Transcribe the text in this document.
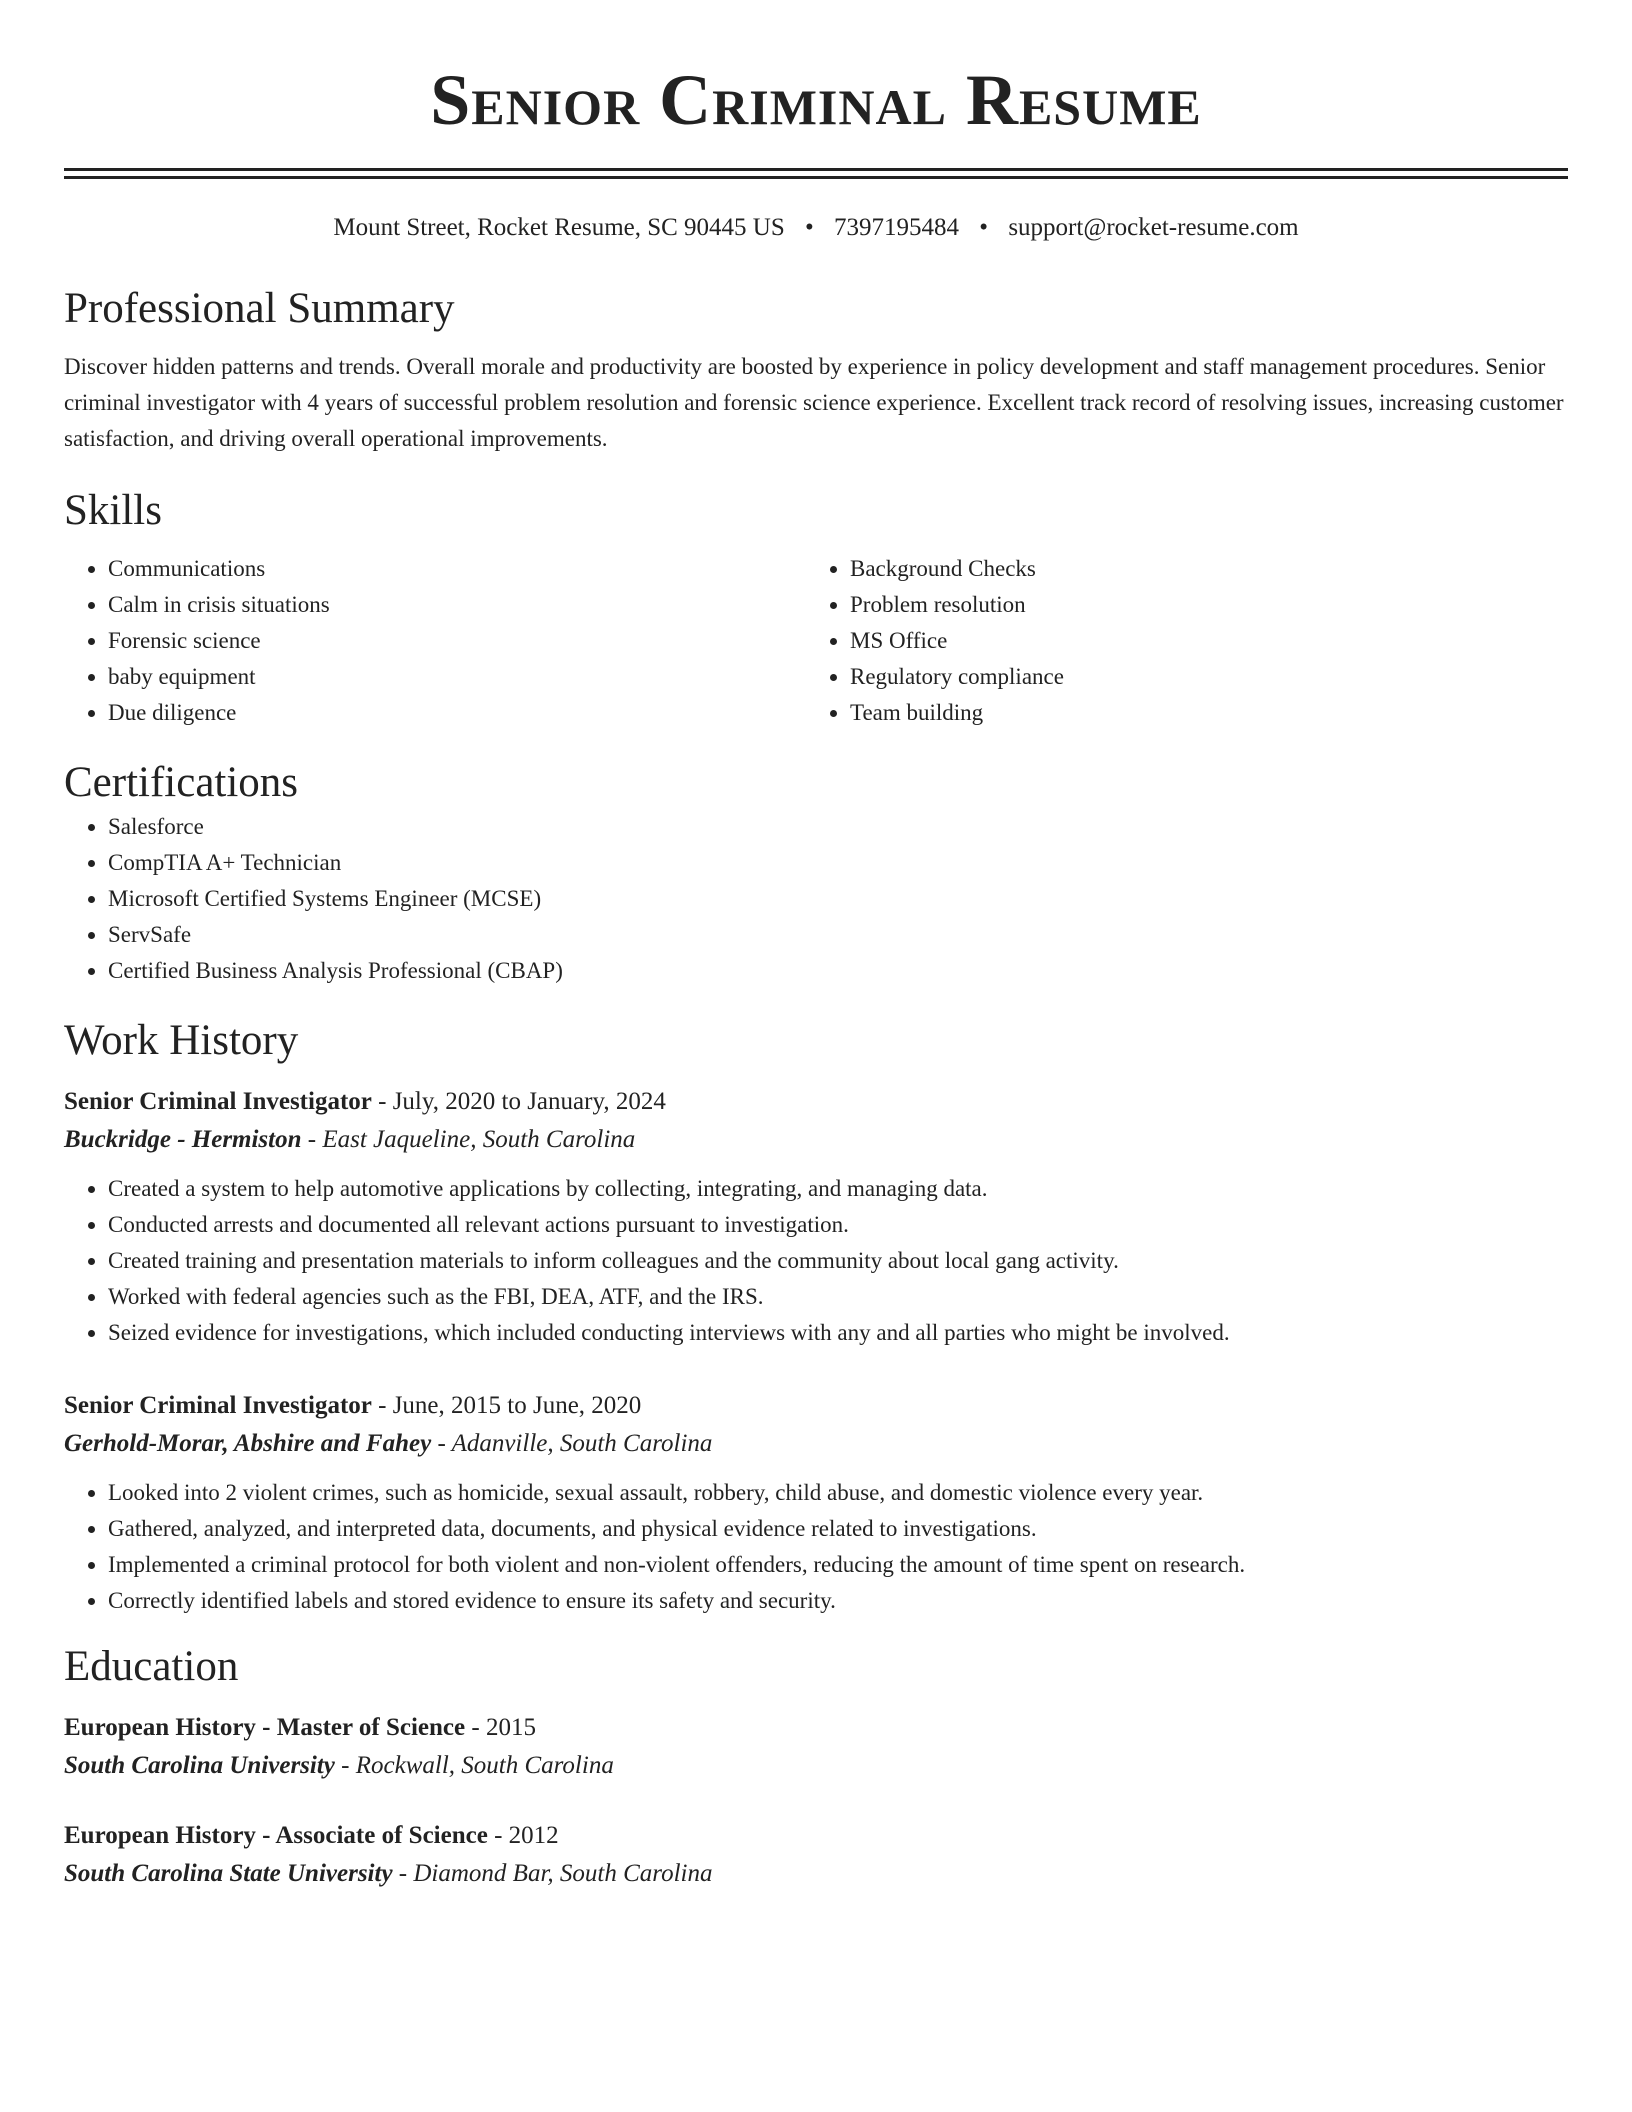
Senior Criminal Resume
Mount Street, Rocket Resume, SC 90445 US • 7397195484 • support@rocket-resume.com
Professional Summary

Discover hidden patterns and trends. Overall morale and productivity are boosted by experience in policy development and staff management procedures. Senior criminal investigator with 4 years of successful problem resolution and forensic science experience. Excellent track record of resolving issues, increasing customer satisfaction, and driving overall operational improvements.

Skills
• Communications
• Calm in crisis situations
• Forensic science
• baby equipment
• Due diligence
• Background Checks
• Problem resolution
• MS Office
• Regulatory compliance
• Team building
Certifications
• Salesforce
• CompTIA A+ Technician
• Microsoft Certified Systems Engineer (MCSE)
• ServSafe
• Certified Business Analysis Professional (CBAP)
Work History
Senior Criminal Investigator - July, 2020 to January, 2024
Buckridge - Hermiston - East Jaqueline, South Carolina
• Created a system to help automotive applications by collecting, integrating, and managing data.
• Conducted arrests and documented all relevant actions pursuant to investigation.
• Created training and presentation materials to inform colleagues and the community about local gang activity.
• Worked with federal agencies such as the FBI, DEA, ATF, and the IRS.
• Seized evidence for investigations, which included conducting interviews with any and all parties who might be involved.
Senior Criminal Investigator - June, 2015 to June, 2020
Gerhold-Morar, Abshire and Fahey - Adanville, South Carolina
• Looked into 2 violent crimes, such as homicide, sexual assault, robbery, child abuse, and domestic violence every year.
• Gathered, analyzed, and interpreted data, documents, and physical evidence related to investigations.
• Implemented a criminal protocol for both violent and non-violent offenders, reducing the amount of time spent on research.
• Correctly identified labels and stored evidence to ensure its safety and security.
Education
European History - Master of Science - 2015
South Carolina University - Rockwall, South Carolina
European History - Associate of Science - 2012
South Carolina State University - Diamond Bar, South Carolina
